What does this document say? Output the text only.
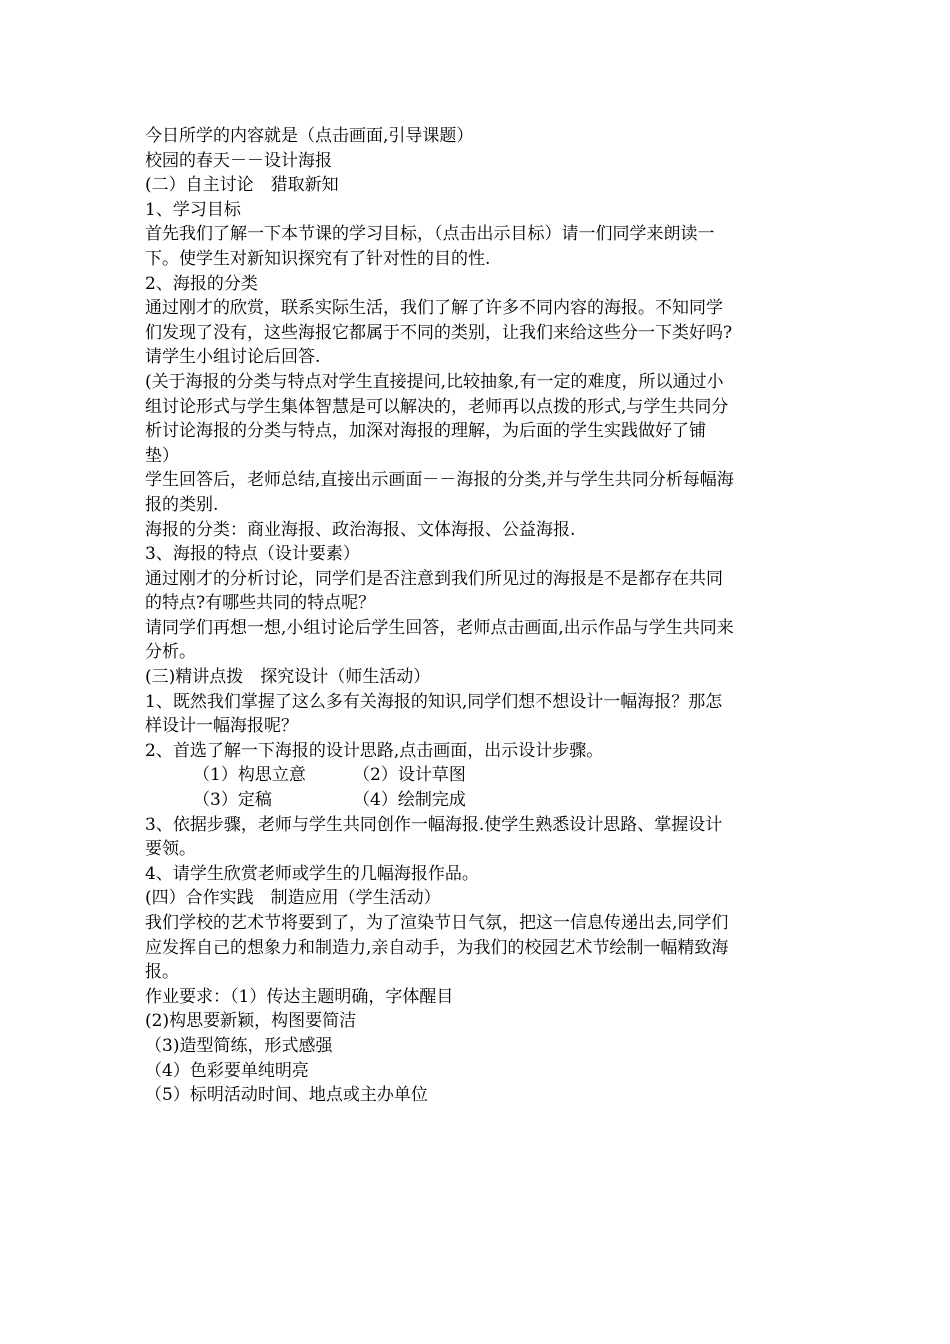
今日所学的内容就是（点击画面,引导课题）
校园的春天－－设计海报
(二）自主讨论　猎取新知
1、学习目标
首先我们了解一下本节课的学习目标，（点击出示目标）请一们同学来朗读一
下。使学生对新知识探究有了针对性的目的性.
2、海报的分类
通过刚才的欣赏，联系实际生活，我们了解了许多不同内容的海报。不知同学
们发现了没有，这些海报它都属于不同的类别，让我们来给这些分一下类好吗?
请学生小组讨论后回答.
(关于海报的分类与特点对学生直接提问,比较抽象,有一定的难度，所以通过小
组讨论形式与学生集体智慧是可以解决的，老师再以点拨的形式,与学生共同分
析讨论海报的分类与特点，加深对海报的理解，为后面的学生实践做好了铺
垫）
学生回答后，老师总结,直接出示画面－－海报的分类,并与学生共同分析每幅海
报的类别.
海报的分类：商业海报、政治海报、文体海报、公益海报.
3、海报的特点（设计要素）
通过刚才的分析讨论，同学们是否注意到我们所见过的海报是不是都存在共同
的特点?有哪些共同的特点呢？
请同学们再想一想,小组讨论后学生回答，老师点击画面,出示作品与学生共同来
分析。
(三)精讲点拨　探究设计（师生活动）
1、既然我们掌握了这么多有关海报的知识,同学们想不想设计一幅海报？那怎
样设计一幅海报呢？
2、首选了解一下海报的设计思路,点击画面，出示设计步骤。
（1）构思立意	（2）设计草图
（3）定稿	（4）绘制完成
3、依据步骤，老师与学生共同创作一幅海报.使学生熟悉设计思路、掌握设计
要领。
4、请学生欣赏老师或学生的几幅海报作品。
(四）合作实践　制造应用（学生活动）
我们学校的艺术节将要到了，为了渲染节日气氛，把这一信息传递出去,同学们
应发挥自己的想象力和制造力,亲自动手，为我们的校园艺术节绘制一幅精致海
报。
作业要求：（1）传达主题明确，字体醒目
(2)构思要新颖，构图要简洁
（3)造型简练，形式感强
（4）色彩要单纯明亮
（5）标明活动时间、地点或主办单位
